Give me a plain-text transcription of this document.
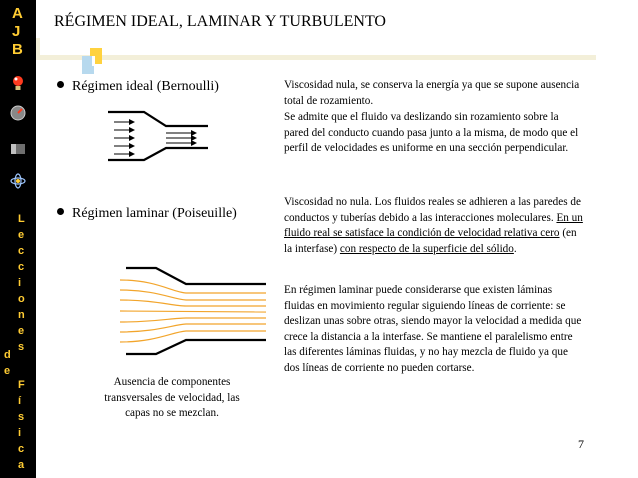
A
J
B
L
e
c
c
i
o
n
e
s
d
e
F
í
s
i
c
a
RÉGIMEN IDEAL, LAMINAR Y TURBULENTO
Régimen ideal (Bernoulli)	Viscosidad nula, se conserva la energía ya que se supone ausencia total de rozamiento.
Se admite que el fluido va deslizando sin rozamiento sobre la pared del conducto cuando pasa junto a la misma, de modo que el perfil de velocidades es uniforme en una sección perpendicular.
Régimen laminar (Poiseuille)
Viscosidad no nula. Los fluidos reales se adhieren a las paredes de conductos y tuberías debido a las interacciones moleculares. En un fluido real se satisface la condición de velocidad relativa cero (en la interfase) con respecto de la superficie del sólido.
En régimen laminar puede considerarse que existen láminas fluidas en movimiento regular siguiendo líneas de corriente: se deslizan unas sobre otras, siendo mayor la velocidad a medida que crece la distancia a la interfase. Se mantiene el paralelismo entre las diferentes láminas fluidas, y no hay mezcla de fluido ya que dos líneas de corriente no pueden cortarse.
Ausencia de componentes transversales de velocidad, las capas no se mezclan.
7
